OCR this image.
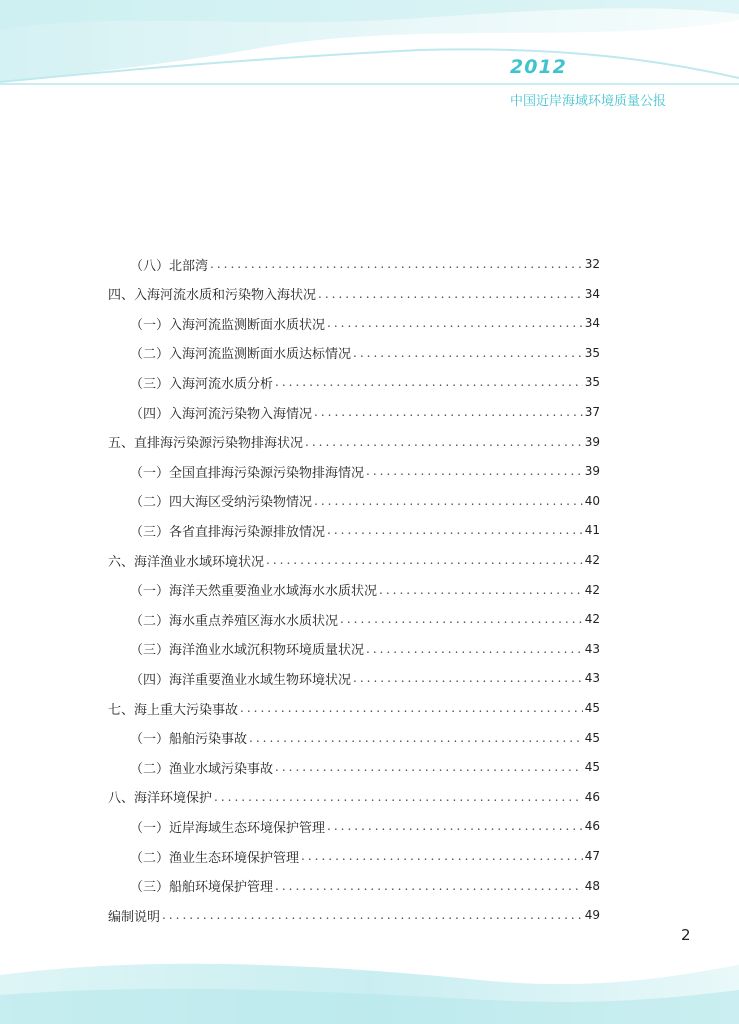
2012
中国近岸海域环境质量公报
（八）北部湾 .....	32
四、入海河流水质和污染物入海状况 .....	34
（一）入海河流监测断面水质状况 .....	34
（二）入海河流监测断面水质达标情况 .....	35
（三）入海河流水质分析 .....	35
（四）入海河流污染物入海情况 .....	37
五、直排海污染源污染物排海状况 .....	39
（一）全国直排海污染源污染物排海情况 .....	39
（二）四大海区受纳污染物情况 .....	40
（三）各省直排海污染源排放情况 .....	41
六、海洋渔业水域环境状况 .....	42
（一）海洋天然重要渔业水域海水水质状况 .....	42
（二）海水重点养殖区海水水质状况 .....	42
（三）海洋渔业水域沉积物环境质量状况 .....	43
（四）海洋重要渔业水域生物环境状况 .....	43
七、海上重大污染事故 .....	45
（一）船舶污染事故 .....	45
（二）渔业水域污染事故 .....	45
八、海洋环境保护 .....	46
（一）近岸海域生态环境保护管理 .....	46
（二）渔业生态环境保护管理 .....	47
（三）船舶环境保护管理 .....	48
编制说明 .....	49
2
